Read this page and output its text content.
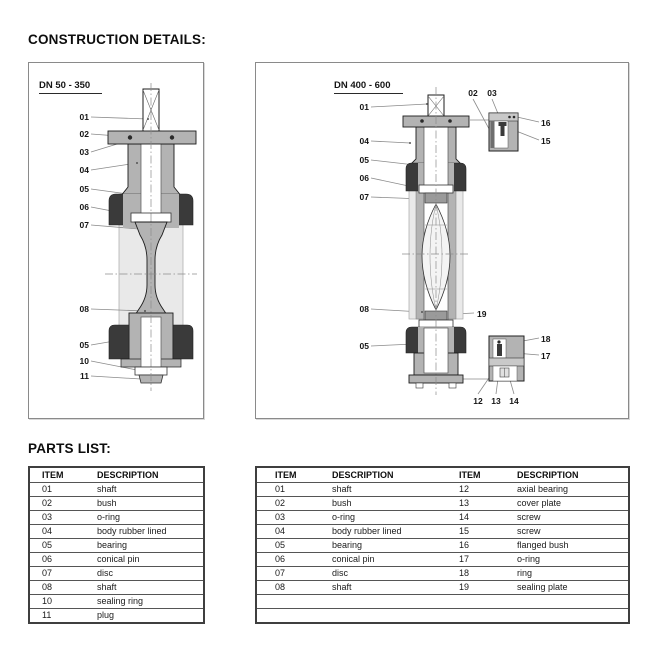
CONSTRUCTION DETAILS:
DN 50 - 350
01
02
03
04
05
06
07
08
05
10
11
DN 400 - 600
01
04
05
06
07
08
05
02	03
16
15
18
17
19
12	13	14
PARTS LIST:
ITEM	DESCRIPTION
01	shaft
02	bush
03	o-ring
04	body rubber lined
05	bearing
06	conical pin
07	disc
08	shaft
10	sealing ring
11	plug
ITEM	DESCRIPTION	ITEM	DESCRIPTION
01	shaft	12	axial bearing
02	bush	13	cover plate
03	o-ring	14	screw
04	body rubber lined	15	screw
05	bearing	16	flanged bush
06	conical pin	17	o-ring
07	disc	18	ring
08	shaft	19	sealing plate
